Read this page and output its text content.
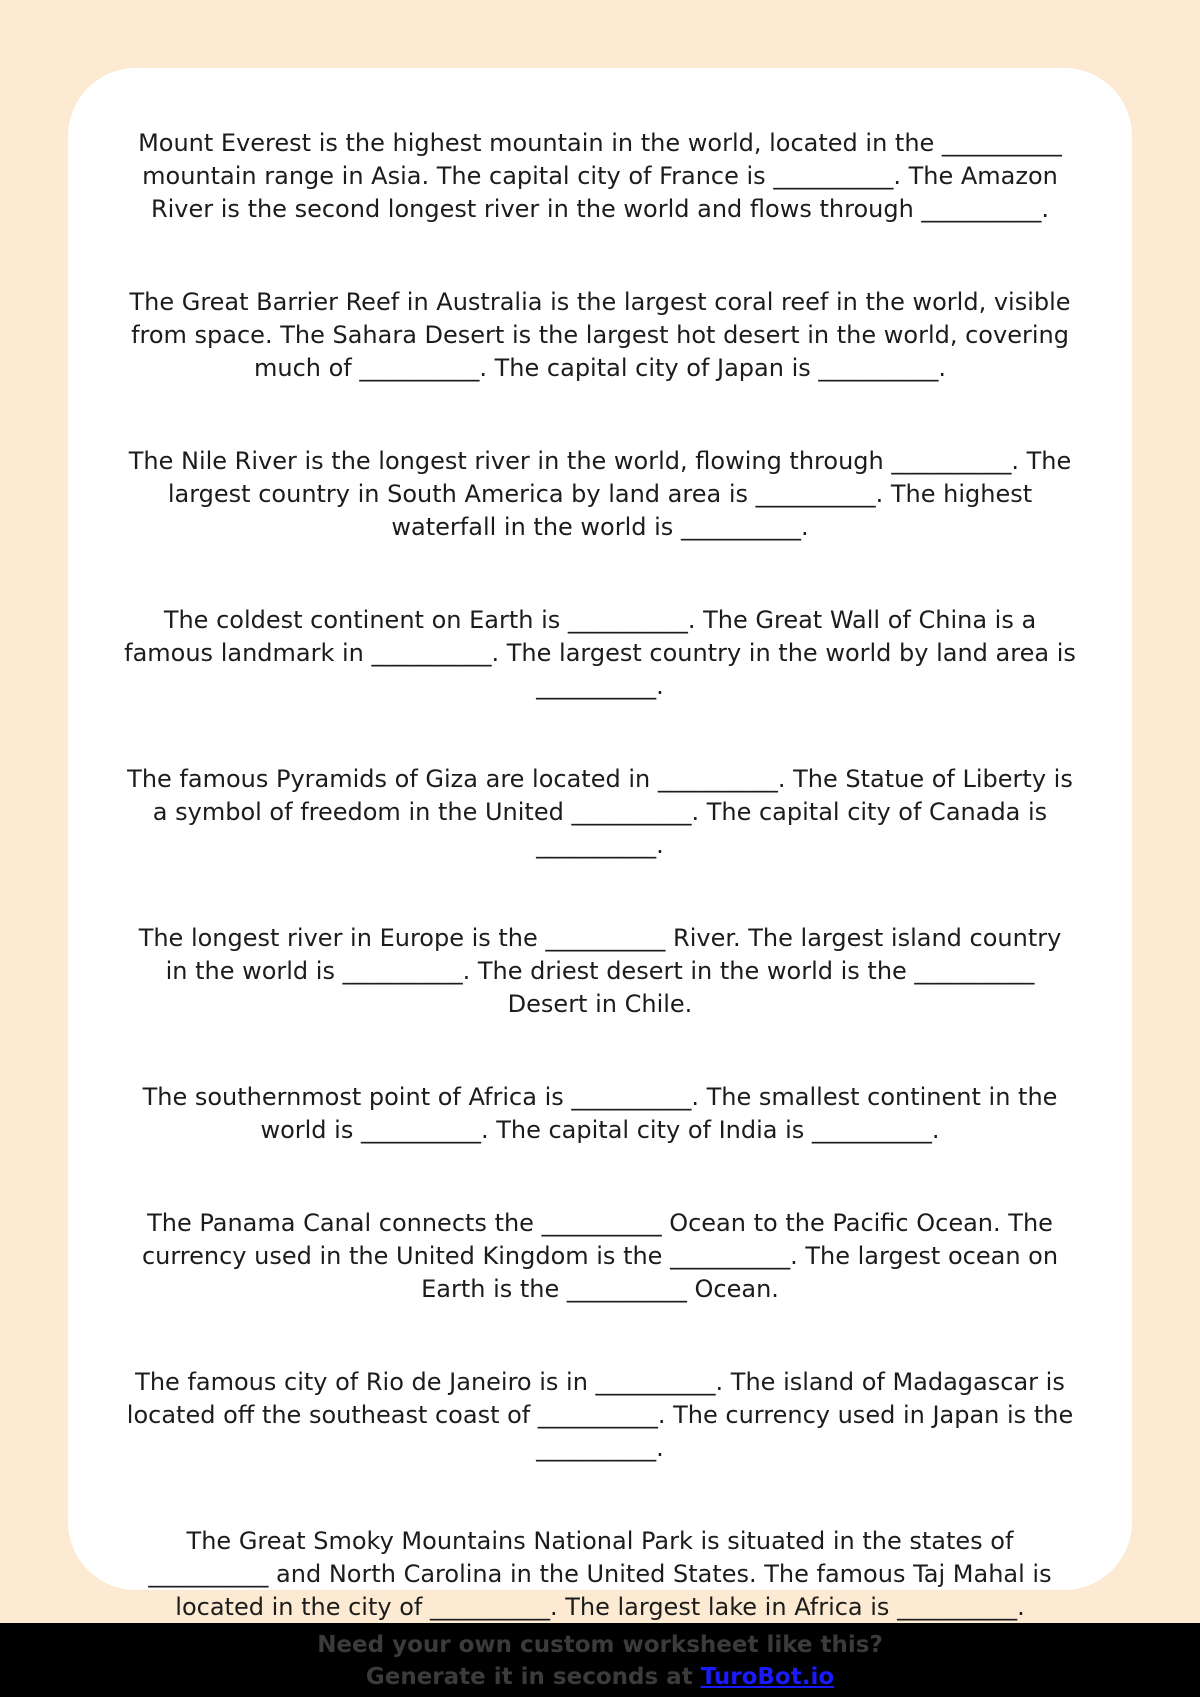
Mount Everest is the highest mountain in the world, located in the __________ mountain range in Asia. The capital city of France is __________. The Amazon River is the second longest river in the world and flows through __________.

The Great Barrier Reef in Australia is the largest coral reef in the world, visible from space. The Sahara Desert is the largest hot desert in the world, covering much of __________. The capital city of Japan is __________.

The Nile River is the longest river in the world, flowing through __________. The largest country in South America by land area is __________. The highest waterfall in the world is __________.

The coldest continent on Earth is __________. The Great Wall of China is a famous landmark in __________. The largest country in the world by land area is __________.

The famous Pyramids of Giza are located in __________. The Statue of Liberty is a symbol of freedom in the United __________. The capital city of Canada is __________.

The longest river in Europe is the __________ River. The largest island country in the world is __________. The driest desert in the world is the __________ Desert in Chile.

The southernmost point of Africa is __________. The smallest continent in the world is __________. The capital city of India is __________.

The Panama Canal connects the __________ Ocean to the Pacific Ocean. The currency used in the United Kingdom is the __________. The largest ocean on Earth is the __________ Ocean.

The famous city of Rio de Janeiro is in __________. The island of Madagascar is located off the southeast coast of __________. The currency used in Japan is the __________.

The Great Smoky Mountains National Park is situated in the states of __________ and North Carolina in the United States. The famous Taj Mahal is located in the city of __________. The largest lake in Africa is __________.

Need your own custom worksheet like this?
Generate it in seconds at TuroBot.io
